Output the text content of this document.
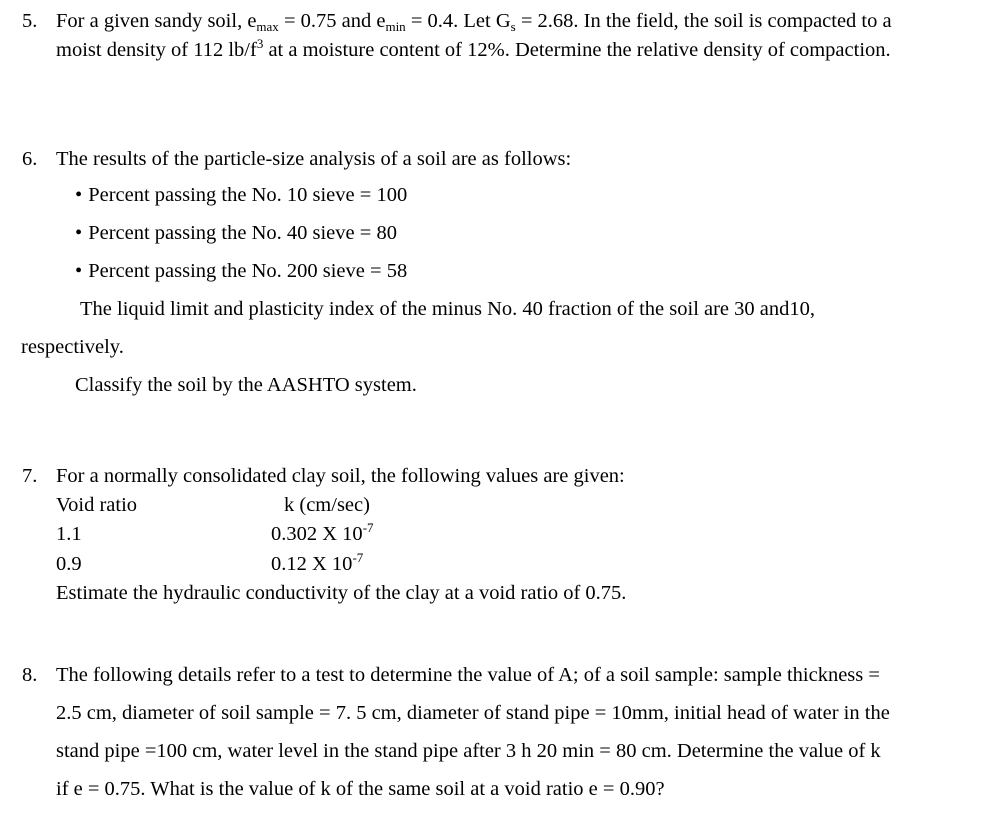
5. For a given sandy soil, $e_{max} = 0.75$ and $e_{min} = 0.4$. Let $G_s = 2.68$. In the field, the soil is compacted to a
moist density of 112 $lb/f^3$ at a moisture content of 12%. Determine the relative density of compaction.
6. The results of the particle-size analysis of a soil are as follows:
• Percent passing the No. 10 sieve = 100
• Percent passing the No. 40 sieve = 80
• Percent passing the No. 200 sieve = 58
The liquid limit and plasticity index of the minus No. 40 fraction of the soil are 30 and10,
respectively.
Classify the soil by the AASHTO system.
7. For a normally consolidated clay soil, the following values are given:
Void ratio	k (cm/sec)
1.1	0.302 X $10^{-7}$
0.9	0.12 X $10^{-7}$
Estimate the hydraulic conductivity of the clay at a void ratio of 0.75.
8. The following details refer to a test to determine the value of A; of a soil sample: sample thickness =
2.5 cm, diameter of soil sample = 7. 5 cm, diameter of stand pipe = 10mm, initial head of water in the
stand pipe =100 cm, water level in the stand pipe after 3 h 20 min = 80 cm. Determine the value of k
if e = 0.75. What is the value of k of the same soil at a void ratio e = 0.90?
